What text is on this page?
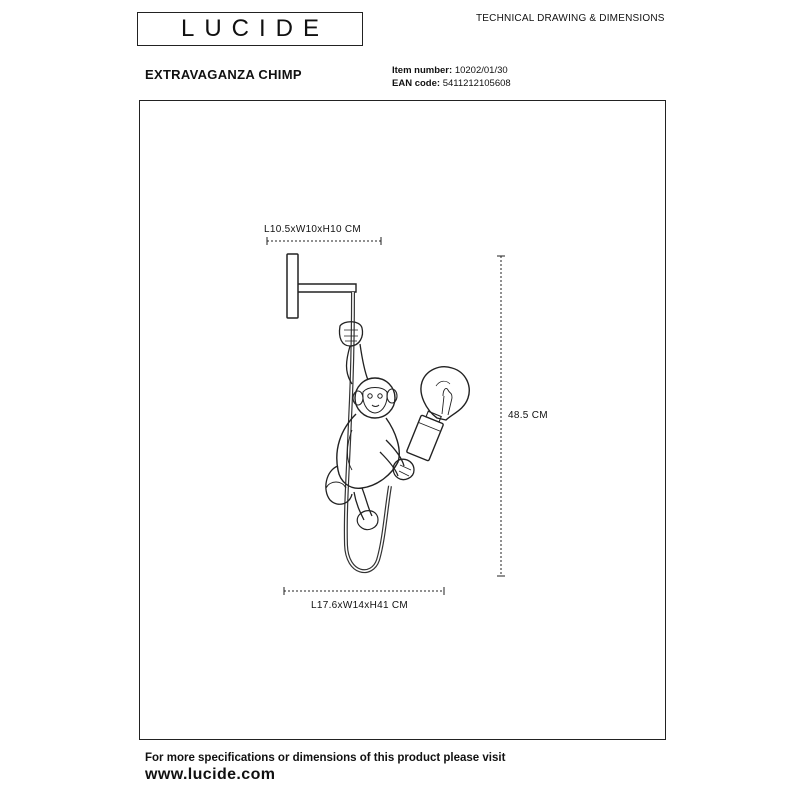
LUCIDE	TECHNICAL DRAWING & DIMENSIONS
EXTRAVAGANZA CHIMP	Item number: 10202/01/30
EAN code: 5411212105608
L10.5xW10xH10 CM
48.5 CM
L17.6xW14xH41 CM
For more specifications or dimensions of this product please visit
www.lucide.com
